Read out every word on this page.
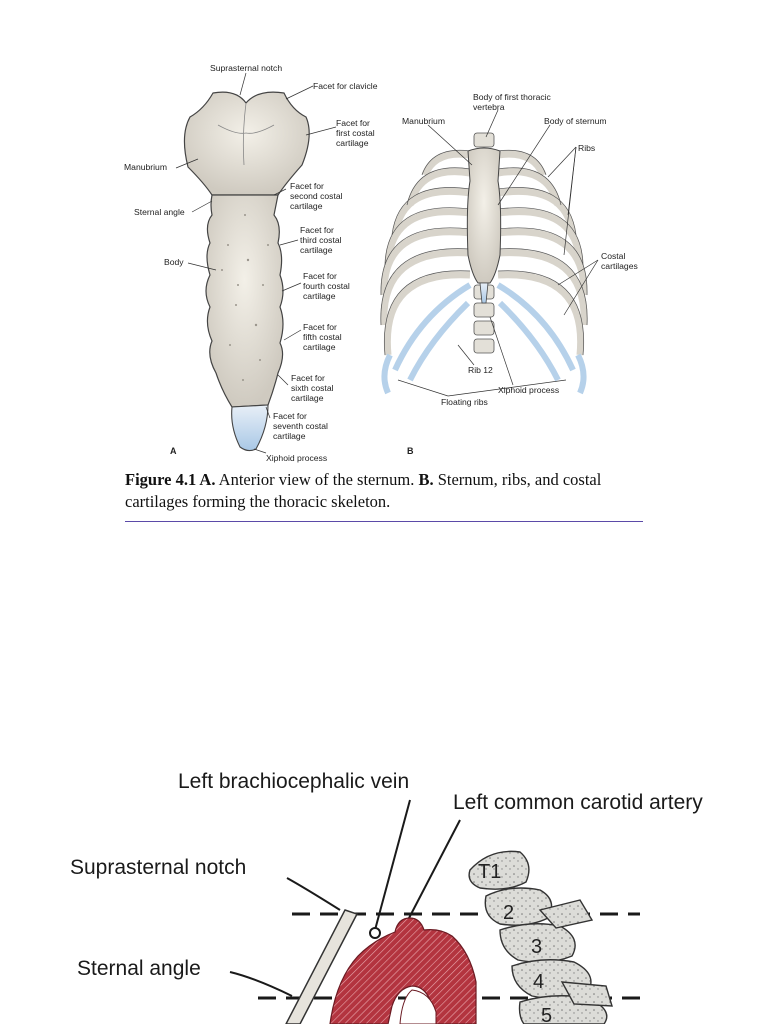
Suprasternal notch
Facet for clavicle
Facet for
first costal
cartilage
Manubrium
Facet for
second costal
cartilage
Sternal angle
Facet for
third costal
cartilage
Body
Facet for
fourth costal
cartilage
Facet for
fifth costal
cartilage
Facet for
sixth costal
cartilage
Facet for
seventh costal
cartilage
Xiphoid process
A
Body of first thoracic
vertebra
Manubrium	Body of sternum
Ribs
Costal
cartilages
Rib 12
Xiphoid process
Floating ribs
B
Figure 4.1 A. Anterior view of the sternum. B. Sternum, ribs, and costal cartilages forming the thoracic skeleton.
T1
2
3
4
5
Left brachiocephalic vein
Left common carotid artery
Suprasternal notch
Sternal angle
